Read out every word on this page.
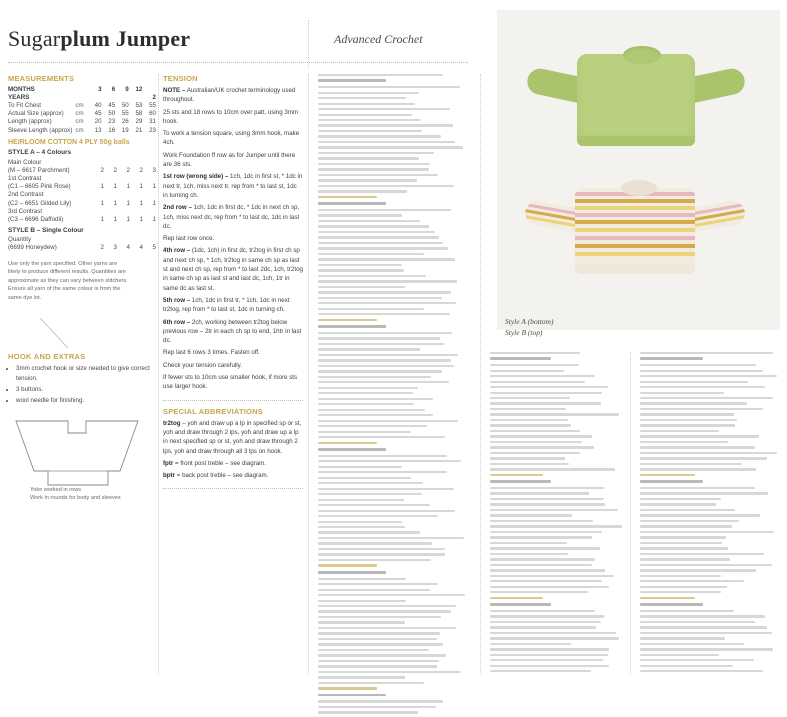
Sugarplum Jumper	Advanced Crochet
MEASUREMENTS
MONTHS		3	6	9	12	
YEARS						2
To Fit Chest	cm	40	45	50	53	55
Actual Size (approx)	cm	45	50	55	58	60
Length (approx)	cm	20	23	26	29	31
Sleeve Length (approx)	cm	13	16	19	21	23
HEIRLOOM COTTON 4 PLY 50g balls
STYLE A – 4 Colours
Main Colour					
(M – 6617 Parchment)	2	2	2	2	3
1st Contrast					
(C1 – 6605 Pink Rose)	1	1	1	1	1
2nd Contrast					
(C2 – 6651 Gilded Lily)	1	1	1	1	1
3rd Contrast					
(C3 – 6696 Daffodil)	1	1	1	1	1
STYLE B – Single Colour
Quantity					
(6699 Honeydew)	2	3	4	4	5
Use only the yarn specified. Other yarns are likely to produce different results. Quantities are approximate as they can vary between stitchers. Ensure all yarn of the same colour is from the same dye lot.
HOOK AND EXTRAS
• 3mm crochet hook or size needed to give correct tension.
• 3 buttons.
• wool needle for finishing.
Yoke worked in rows
Work in rounds for body and sleeves
TENSION
NOTE – Australian/UK crochet terminology used throughout.
25 sts and 18 rows to 10cm over patt, using 3mm hook.
To work a tension square, using 3mm hook, make 4ch.
Work Foundation ff row as for Jumper until there are 36 sts.
1st row (wrong side) – 1ch, 1dc in first st, * 1dc in next tr, 1ch, miss next tr, rep from * to last st, 1dc in turning ch.
2nd row – 1ch, 1dc in first dc, * 1dc in next ch sp, 1ch, miss next dc, rep from * to last dc, 1dc in last dc.
Rep last row once.
4th row – (1dc, 1ch) in first dc, tr2tog in first ch sp and next ch sp, * 1ch, tr2tog in same ch sp as last st and next ch sp, rep from * to last 2dc, 1ch, tr2tog in same ch sp as last st and last dc, 1ch, 1tr in same dc as last st.
5th row – 1ch, 1dc in first tr, * 1ch, 1dc in next tr2tog, rep from * to last st, 1dc in turning ch.
6th row – 2ch, working between tr2tog below previous row – 2tr in each ch sp to end, 1htr in last dc.
Rep last 6 rows 3 times. Fasten off.
Check your tension carefully.
If fewer sts to 10cm use smaller hook, if more sts use larger hook.
SPECIAL ABBREVIATIONS
tr2tog – yoh and draw up a lp in specified sp or st, yoh and draw through 2 lps, yoh and draw up a lp in next specified sp or st, yoh and draw through 2 lps, yoh and draw through all 3 lps on hook.
fptr = front post treble – see diagram.
bptr = back post treble – see diagram.
Style A (bottom)
Style B (top)
